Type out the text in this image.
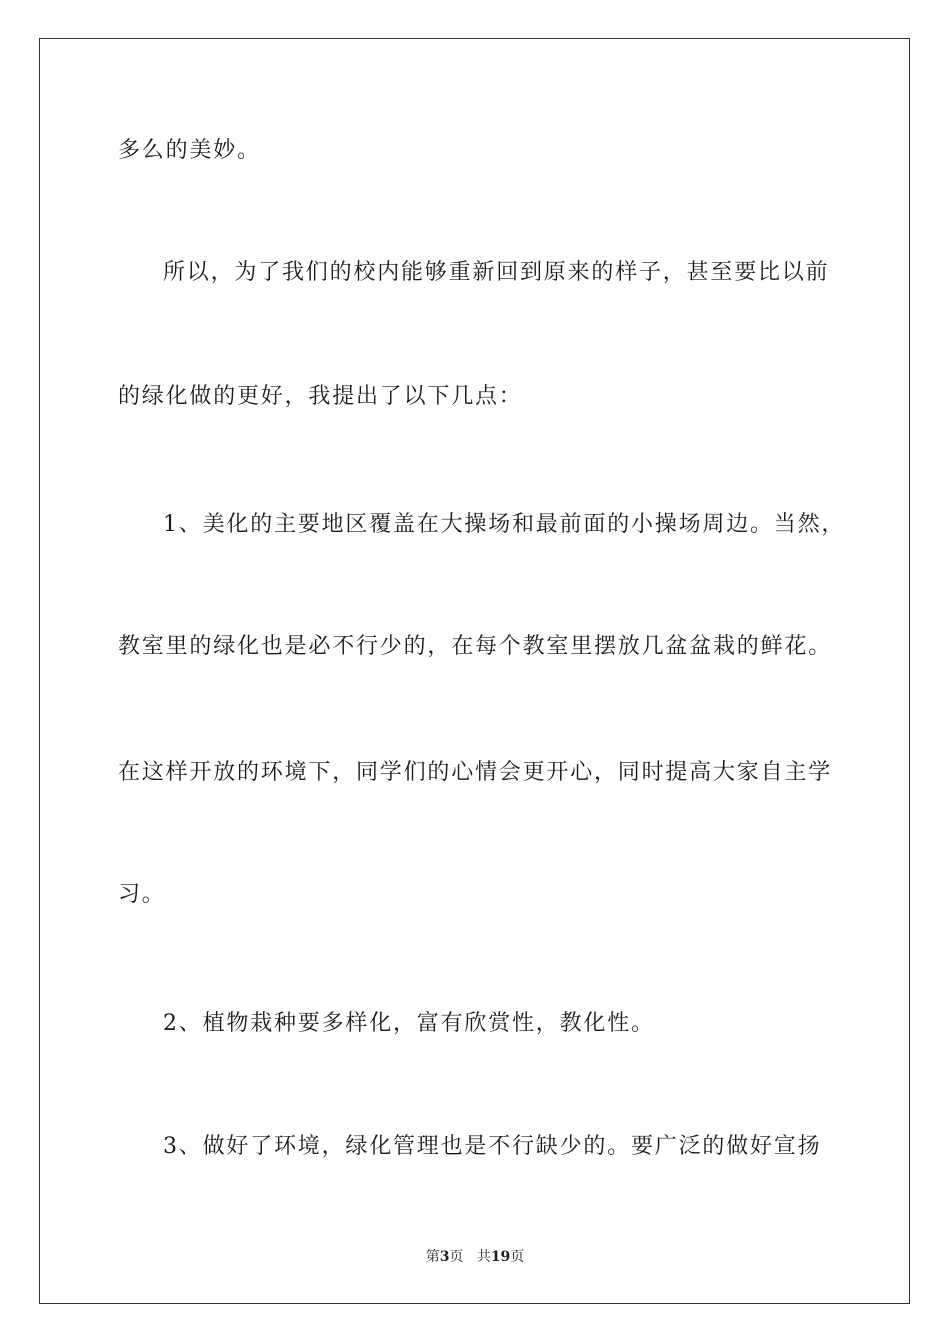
多么的美妙。
所以，为了我们的校内能够重新回到原来的样子，甚至要比以前
的绿化做的更好，我提出了以下几点：
1、美化的主要地区覆盖在大操场和最前面的小操场周边。当然，
教室里的绿化也是必不行少的，在每个教室里摆放几盆盆栽的鲜花。
在这样开放的环境下，同学们的心情会更开心，同时提高大家自主学
习。
2、植物栽种要多样化，富有欣赏性，教化性。
3、做好了环境，绿化管理也是不行缺少的。要广泛的做好宣扬
第3页 共19页
